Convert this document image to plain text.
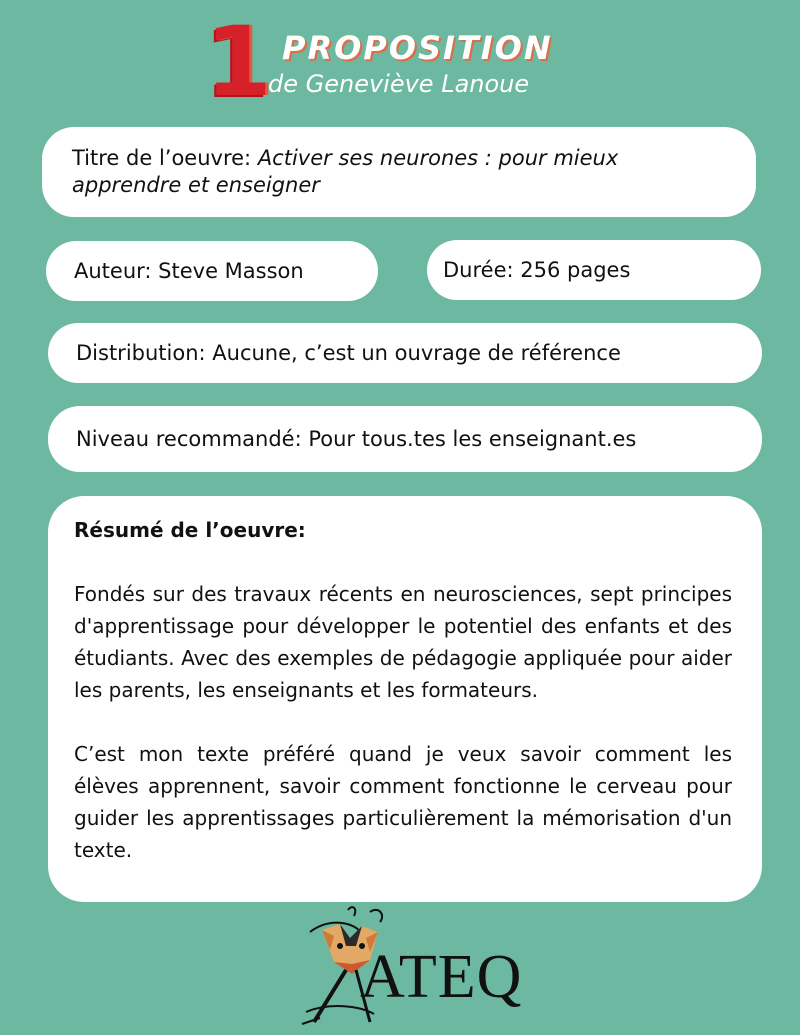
1 PROPOSITION
de Geneviève Lanoue
Titre de l’oeuvre: Activer ses neurones : pour mieux apprendre et enseigner
Auteur: Steve Masson	Durée: 256 pages
Distribution: Aucune, c’est un ouvrage de référence
Niveau recommandé: Pour tous.tes les enseignant.es
Résumé de l’oeuvre:

Fondés sur des travaux récents en neurosciences, sept principes d'apprentissage pour développer le potentiel des enfants et des étudiants. Avec des exemples de pédagogie appliquée pour aider les parents, les enseignants et les formateurs.

C’est mon texte préféré quand je veux savoir comment les élèves apprennent, savoir comment fonctionne le cerveau pour guider les apprentissages particulièrement la mémorisation d'un texte.

ATEQ
